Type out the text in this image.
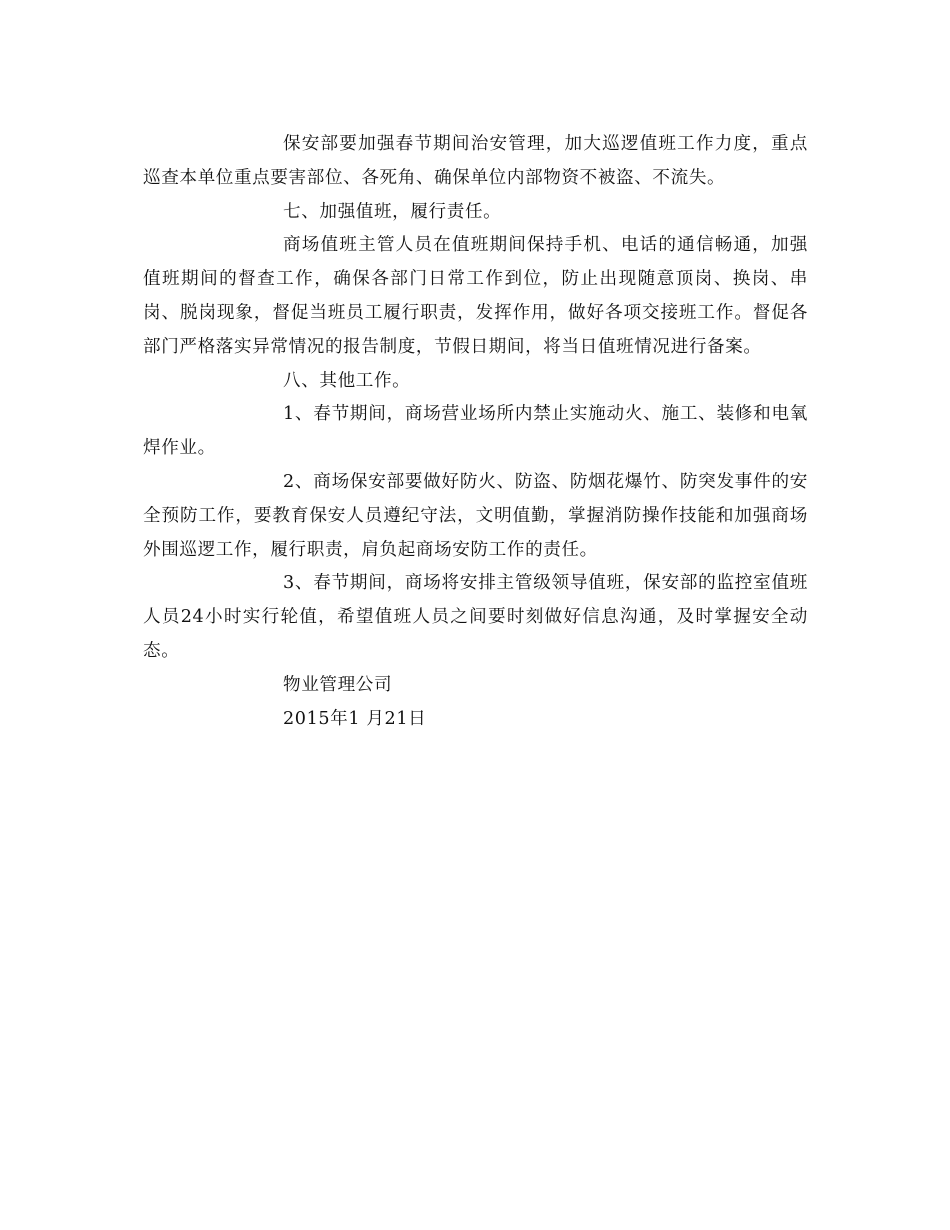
保安部要加强春节期间治安管理，加大巡逻值班工作力度，重点巡查本单位重点要害部位、各死角、确保单位内部物资不被盗、不流失。

七、加强值班，履行责任。

商场值班主管人员在值班期间保持手机、电话的通信畅通，加强值班期间的督查工作，确保各部门日常工作到位，防止出现随意顶岗、换岗、串岗、脱岗现象，督促当班员工履行职责，发挥作用，做好各项交接班工作。督促各部门严格落实异常情况的报告制度，节假日期间，将当日值班情况进行备案。

八、其他工作。

1、春节期间，商场营业场所内禁止实施动火、施工、装修和电氧焊作业。

2、商场保安部要做好防火、防盗、防烟花爆竹、防突发事件的安全预防工作，要教育保安人员遵纪守法，文明值勤，掌握消防操作技能和加强商场外围巡逻工作，履行职责，肩负起商场安防工作的责任。

3、春节期间，商场将安排主管级领导值班，保安部的监控室值班人员24小时实行轮值，希望值班人员之间要时刻做好信息沟通，及时掌握安全动态。

物业管理公司

2015年1 月21日
